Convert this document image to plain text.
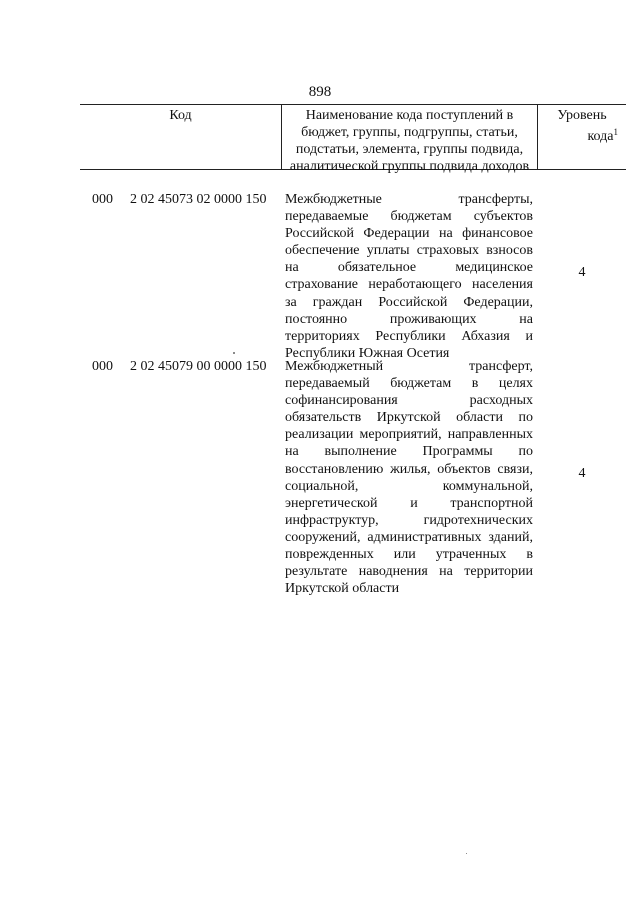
898
Код	Наименование кода поступлений в
бюджет, группы, подгруппы, статьи,
подстатьи, элемента, группы подвида,
аналитической группы подвида доходов
Уровень
кода$^1$
000 2 02 45073 02 0000 150 Межбюджетные трансферты,
передаваемые бюджетам субъектов
Российской Федерации на финансовое
обеспечение уплаты страховых взносов
на обязательное медицинское
страхование неработающего населения
за граждан Российской Федерации,
постоянно проживающих на
территориях Республики Абхазия и
Республики Южная Осетия
4
000 2 02 45079 00 0000 150 Межбюджетный трансферт,
передаваемый бюджетам в целях
софинансирования расходных
обязательств Иркутской области по
реализации мероприятий, направленных
на выполнение Программы по
восстановлению жилья, объектов связи,
социальной, коммунальной,
энергетической и транспортной
инфраструктур, гидротехнических
сооружений, административных зданий,
поврежденных или утраченных в
результате наводнения на территории
Иркутской области
4
